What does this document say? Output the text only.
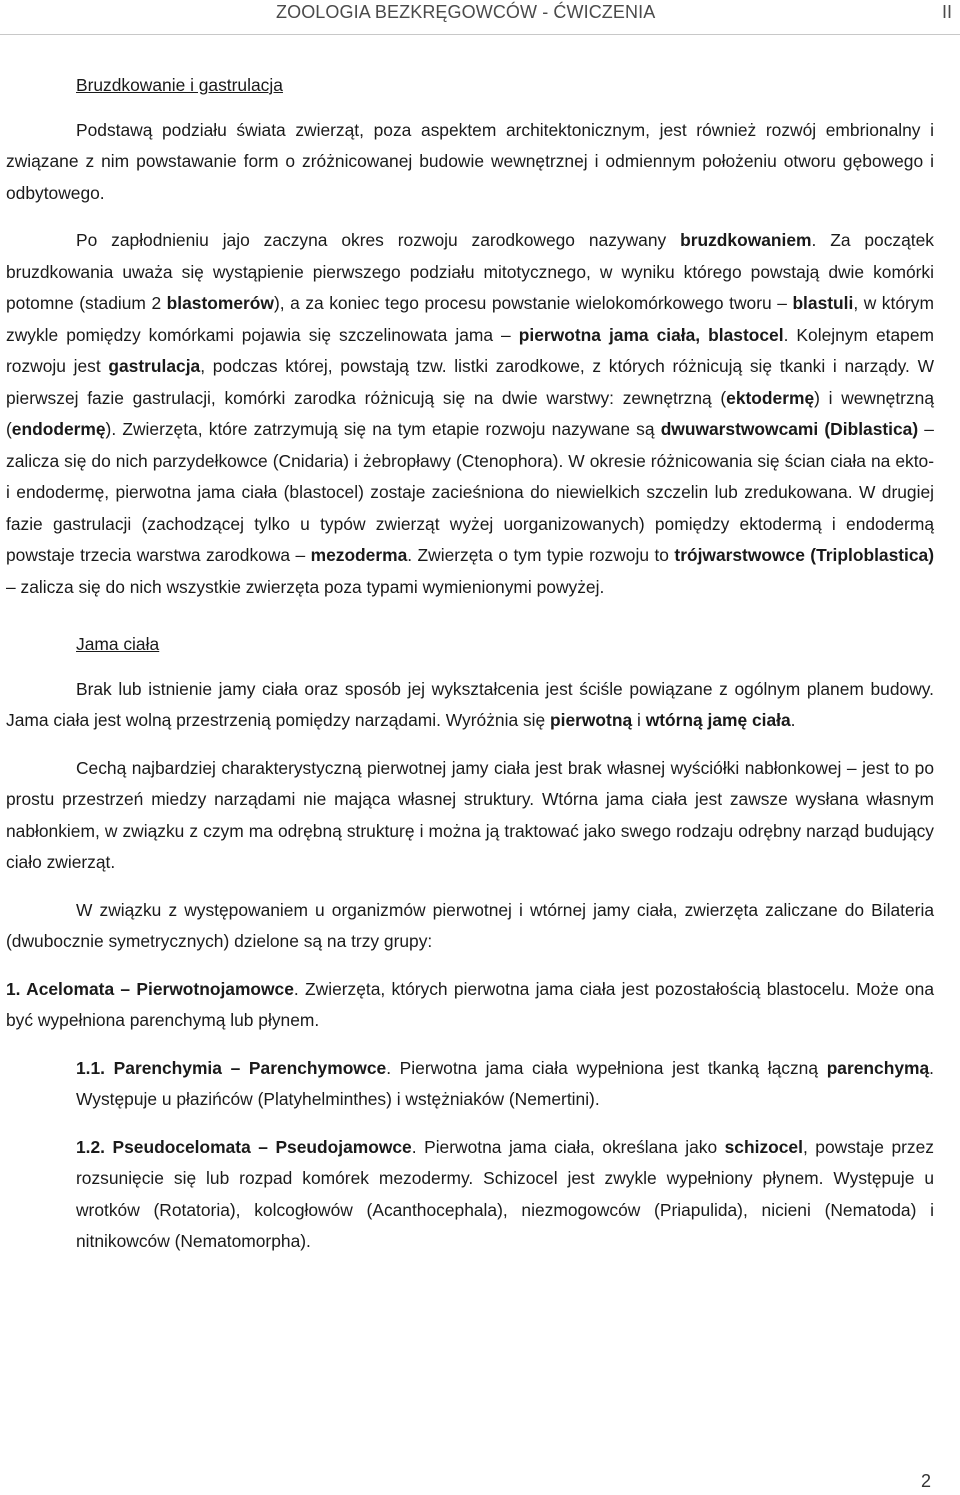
ZOOLOGIA BEZKRĘGOWCÓW - ĆWICZENIA	II
Bruzdkowanie i gastrulacja

Podstawą podziału świata zwierząt, poza aspektem architektonicznym, jest również rozwój embrionalny i związane z nim powstawanie form o zróżnicowanej budowie wewnętrznej i odmiennym położeniu otworu gębowego i odbytowego.

Po zapłodnieniu jajo zaczyna okres rozwoju zarodkowego nazywany bruzdkowaniem. Za początek bruzdkowania uważa się wystąpienie pierwszego podziału mitotycznego, w wyniku którego powstają dwie komórki potomne (stadium 2 blastomerów), a za koniec tego procesu powstanie wielokomórkowego tworu – blastuli, w którym zwykle pomiędzy komórkami pojawia się szczelinowata jama – pierwotna jama ciała, blastocel. Kolejnym etapem rozwoju jest gastrulacja, podczas której, powstają tzw. listki zarodkowe, z których różnicują się tkanki i narządy. W pierwszej fazie gastrulacji, komórki zarodka różnicują się na dwie warstwy: zewnętrzną (ektodermę) i wewnętrzną (endodermę). Zwierzęta, które zatrzymują się na tym etapie rozwoju nazywane są dwuwarstwowcami (Diblastica) – zalicza się do nich parzydełkowce (Cnidaria) i żebropławy (Ctenophora). W okresie różnicowania się ścian ciała na ekto- i endodermę, pierwotna jama ciała (blastocel) zostaje zacieśniona do niewielkich szczelin lub zredukowana. W drugiej fazie gastrulacji (zachodzącej tylko u typów zwierząt wyżej uorganizowanych) pomiędzy ektodermą i endodermą powstaje trzecia warstwa zarodkowa – mezoderma. Zwierzęta o tym typie rozwoju to trójwarstwowce (Triploblastica) – zalicza się do nich wszystkie zwierzęta poza typami wymienionymi powyżej.

Jama ciała

Brak lub istnienie jamy ciała oraz sposób jej wykształcenia jest ściśle powiązane z ogólnym planem budowy. Jama ciała jest wolną przestrzenią pomiędzy narządami. Wyróżnia się pierwotną i wtórną jamę ciała.

Cechą najbardziej charakterystyczną pierwotnej jamy ciała jest brak własnej wyściółki nabłonkowej – jest to po prostu przestrzeń miedzy narządami nie mająca własnej struktury. Wtórna jama ciała jest zawsze wysłana własnym nabłonkiem, w związku z czym ma odrębną strukturę i można ją traktować jako swego rodzaju odrębny narząd budujący ciało zwierząt.

W związku z występowaniem u organizmów pierwotnej i wtórnej jamy ciała, zwierzęta zaliczane do Bilateria (dwubocznie symetrycznych) dzielone są na trzy grupy:

1. Acelomata – Pierwotnojamowce. Zwierzęta, których pierwotna jama ciała jest pozostałością blastocelu. Może ona być wypełniona parenchymą lub płynem.

1.1. Parenchymia – Parenchymowce. Pierwotna jama ciała wypełniona jest tkanką łączną parenchymą. Występuje u płazińców (Platyhelminthes) i wstężniaków (Nemertini).

1.2. Pseudocelomata – Pseudojamowce. Pierwotna jama ciała, określana jako schizocel, powstaje przez rozsunięcie się lub rozpad komórek mezodermy. Schizocel jest zwykle wypełniony płynem. Występuje u wrotków (Rotatoria), kolcogłowów (Acanthocephala), niezmogowców (Priapulida), nicieni (Nematoda) i nitnikowców (Nematomorpha).

2
